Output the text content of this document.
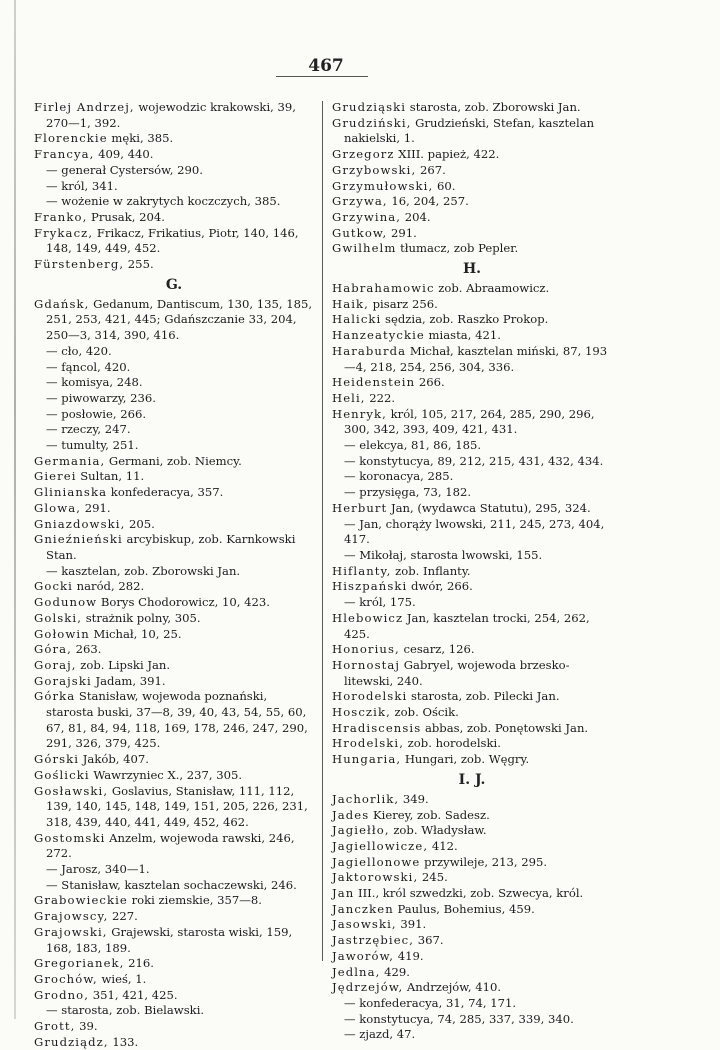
467

Firlej Andrzej, wojewodzic krakowski, 39, 270—1, 392.

Florenckie męki, 385.

Francya, 409, 440.

— generał Cystersów, 290.

— król, 341.

— wożenie w zakrytych koczczych, 385.

Franko, Prusak, 204.

Frykacz, Frikacz, Frikatius, Piotr, 140, 146, 148, 149, 449, 452.

Fürstenberg, 255.

G.

Gdańsk, Gedanum, Dantiscum, 130, 135, 185, 251, 253, 421, 445; Gdańszczanie 33, 204, 250—3, 314, 390, 416.

— cło, 420.

— fąncol, 420.

— komisya, 248.

— piwowarzy, 236.

— posłowie, 266.

— rzeczy, 247.

— tumulty, 251.

Germania, Germani, zob. Niemcy.

Gierei Sultan, 11.

Glinianska konfederacya, 357.

Glowa, 291.

Gniazdowski, 205.

Gnieźnieński arcybiskup, zob. Karnkowski Stan.

— kasztelan, zob. Zborowski Jan.

Gocki naród, 282.

Godunow Borys Chodorowicz, 10, 423.

Golski, strażnik polny, 305.

Gołowin Michał, 10, 25.

Góra, 263.

Goraj, zob. Lipski Jan.

Gorajski Jadam, 391.

Górka Stanisław, wojewoda poznański, starosta buski, 37—8, 39, 40, 43, 54, 55, 60, 67, 81, 84, 94, 118, 169, 178, 246, 247, 290, 291, 326, 379, 425.

Górski Jakób, 407.

Goślicki Wawrzyniec X., 237, 305.

Gosławski, Goslavius, Stanisław, 111, 112, 139, 140, 145, 148, 149, 151, 205, 226, 231, 318, 439, 440, 441, 449, 452, 462.

Gostomski Anzelm, wojewoda rawski, 246, 272.

— Jarosz, 340—1.

— Stanisław, kasztelan sochaczewski, 246.

Grabowieckie roki ziemskie, 357—8.

Grajowscy, 227.

Grajowski, Grajewski, starosta wiski, 159, 168, 183, 189.

Gregorianek, 216.

Grochów, wieś, 1.

Grodno, 351, 421, 425.

— starosta, zob. Bielawski.

Grott, 39.

Grudziądz, 133.

Grudziąski starosta, zob. Zborowski Jan.

Grudziński, Grudzieński, Stefan, kasztelan nakielski, 1.

Grzegorz XIII. papież, 422.

Grzybowski, 267.

Grzymułowski, 60.

Grzywa, 16, 204, 257.

Grzywina, 204.

Gutkow, 291.

Gwilhelm tłumacz, zob Pepler.

H.

Habrahamowic zob. Abraamowicz.

Haik, pisarz 256.

Halicki sędzia, zob. Raszko Prokop.

Hanzeatyckie miasta, 421.

Haraburda Michał, kasztelan miński, 87, 193—4, 218, 254, 256, 304, 336.

Heidenstein 266.

Heli, 222.

Henryk, król, 105, 217, 264, 285, 290, 296, 300, 342, 393, 409, 421, 431.

— elekcya, 81, 86, 185.

— konstytucya, 89, 212, 215, 431, 432, 434.

— koronacya, 285.

— przysięga, 73, 182.

Herburt Jan, (wydawca Statutu), 295, 324.

— Jan, chorąży lwowski, 211, 245, 273, 404, 417.

— Mikołaj, starosta lwowski, 155.

Hiflanty, zob. Inflanty.

Hiszpański dwór, 266.

— król, 175.

Hlebowicz Jan, kasztelan trocki, 254, 262, 425.

Honorius, cesarz, 126.

Hornostaj Gabryel, wojewoda brzesko-litewski, 240.

Horodelski starosta, zob. Pilecki Jan.

Hosczik, zob. Ościk.

Hradiscensis abbas, zob. Ponętowski Jan.

Hrodelski, zob. horodelski.

Hungaria, Hungari, zob. Węgry.

I. J.

Jachorlik, 349.

Jades Kierey, zob. Sadesz.

Jagiełło, zob. Władysław.

Jagiellowicze, 412.

Jagiellonowe przywileje, 213, 295.

Jaktorowski, 245.

Jan III., król szwedzki, zob. Szwecya, król.

Janczken Paulus, Bohemius, 459.

Jasowski, 391.

Jastrzębiec, 367.

Jaworów, 419.

Jedlna, 429.

Jędrzejów, Andrzejów, 410.

— konfederacya, 31, 74, 171.

— konstytucya, 74, 285, 337, 339, 340.

— zjazd, 47.
